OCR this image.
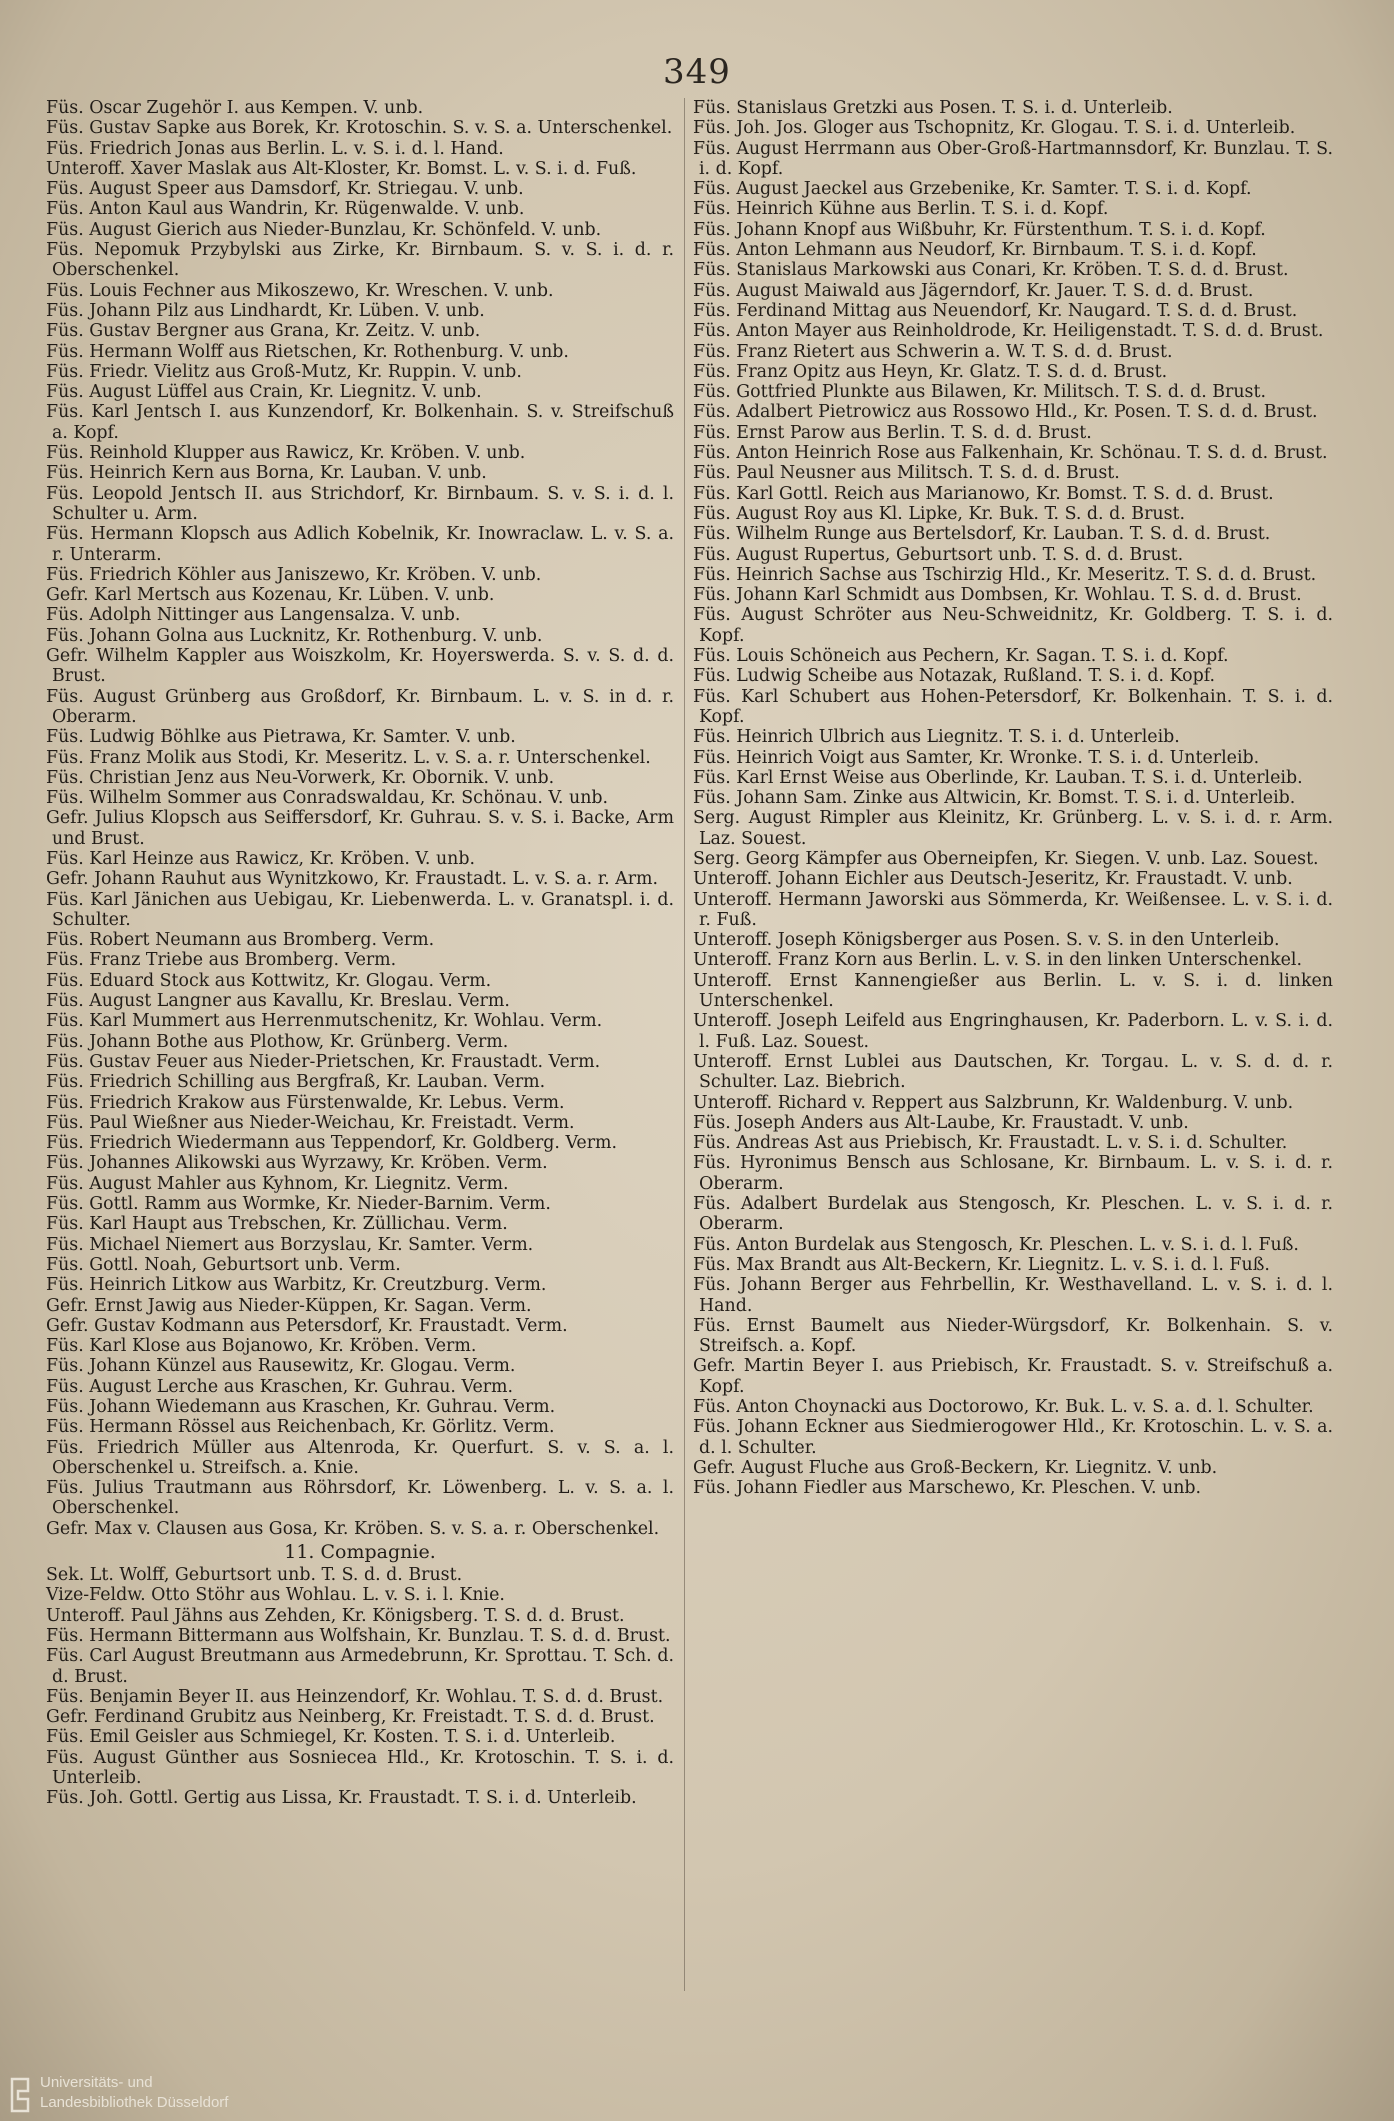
349
Füs. Oscar Zugehör I. aus Kempen. V. unb.
Füs. Gustav Sapke aus Borek, Kr. Krotoschin. S. v. S. a. Unterschenkel.
Füs. Friedrich Jonas aus Berlin. L. v. S. i. d. l. Hand.
Unteroff. Xaver Maslak aus Alt-Kloster, Kr. Bomst. L. v. S. i. d. Fuß.
Füs. August Speer aus Damsdorf, Kr. Striegau. V. unb.
Füs. Anton Kaul aus Wandrin, Kr. Rügenwalde. V. unb.
Füs. August Gierich aus Nieder-Bunzlau, Kr. Schönfeld. V. unb.
Füs. Nepomuk Przybylski aus Zirke, Kr. Birnbaum. S. v. S. i. d. r. Oberschenkel.
Füs. Louis Fechner aus Mikoszewo, Kr. Wreschen. V. unb.
Füs. Johann Pilz aus Lindhardt, Kr. Lüben. V. unb.
Füs. Gustav Bergner aus Grana, Kr. Zeitz. V. unb.
Füs. Hermann Wolff aus Rietschen, Kr. Rothenburg. V. unb.
Füs. Friedr. Vielitz aus Groß-Mutz, Kr. Ruppin. V. unb.
Füs. August Lüffel aus Crain, Kr. Liegnitz. V. unb.
Füs. Karl Jentsch I. aus Kunzendorf, Kr. Bolkenhain. S. v. Streifschuß a. Kopf.
Füs. Reinhold Klupper aus Rawicz, Kr. Kröben. V. unb.
Füs. Heinrich Kern aus Borna, Kr. Lauban. V. unb.
Füs. Leopold Jentsch II. aus Strichdorf, Kr. Birnbaum. S. v. S. i. d. l. Schulter u. Arm.
Füs. Hermann Klopsch aus Adlich Kobelnik, Kr. Inowraclaw. L. v. S. a. r. Unterarm.
Füs. Friedrich Köhler aus Janiszewo, Kr. Kröben. V. unb.
Gefr. Karl Mertsch aus Kozenau, Kr. Lüben. V. unb.
Füs. Adolph Nittinger aus Langensalza. V. unb.
Füs. Johann Golna aus Lucknitz, Kr. Rothenburg. V. unb.
Gefr. Wilhelm Kappler aus Woiszkolm, Kr. Hoyerswerda. S. v. S. d. d. Brust.
Füs. August Grünberg aus Großdorf, Kr. Birnbaum. L. v. S. in d. r. Oberarm.
Füs. Ludwig Böhlke aus Pietrawa, Kr. Samter. V. unb.
Füs. Franz Molik aus Stodi, Kr. Meseritz. L. v. S. a. r. Unterschenkel.
Füs. Christian Jenz aus Neu-Vorwerk, Kr. Obornik. V. unb.
Füs. Wilhelm Sommer aus Conradswaldau, Kr. Schönau. V. unb.
Gefr. Julius Klopsch aus Seiffersdorf, Kr. Guhrau. S. v. S. i. Backe, Arm und Brust.
Füs. Karl Heinze aus Rawicz, Kr. Kröben. V. unb.
Gefr. Johann Rauhut aus Wynitzkowo, Kr. Fraustadt. L. v. S. a. r. Arm.
Füs. Karl Jänichen aus Uebigau, Kr. Liebenwerda. L. v. Granatspl. i. d. Schulter.
Füs. Robert Neumann aus Bromberg. Verm.
Füs. Franz Triebe aus Bromberg. Verm.
Füs. Eduard Stock aus Kottwitz, Kr. Glogau. Verm.
Füs. August Langner aus Kavallu, Kr. Breslau. Verm.
Füs. Karl Mummert aus Herrenmutschenitz, Kr. Wohlau. Verm.
Füs. Johann Bothe aus Plothow, Kr. Grünberg. Verm.
Füs. Gustav Feuer aus Nieder-Prietschen, Kr. Fraustadt. Verm.
Füs. Friedrich Schilling aus Bergfraß, Kr. Lauban. Verm.
Füs. Friedrich Krakow aus Fürstenwalde, Kr. Lebus. Verm.
Füs. Paul Wießner aus Nieder-Weichau, Kr. Freistadt. Verm.
Füs. Friedrich Wiedermann aus Teppendorf, Kr. Goldberg. Verm.
Füs. Johannes Alikowski aus Wyrzawy, Kr. Kröben. Verm.
Füs. August Mahler aus Kyhnom, Kr. Liegnitz. Verm.
Füs. Gottl. Ramm aus Wormke, Kr. Nieder-Barnim. Verm.
Füs. Karl Haupt aus Trebschen, Kr. Züllichau. Verm.
Füs. Michael Niemert aus Borzyslau, Kr. Samter. Verm.
Füs. Gottl. Noah, Geburtsort unb. Verm.
Füs. Heinrich Litkow aus Warbitz, Kr. Creutzburg. Verm.
Gefr. Ernst Jawig aus Nieder-Küppen, Kr. Sagan. Verm.
Gefr. Gustav Kodmann aus Petersdorf, Kr. Fraustadt. Verm.
Füs. Karl Klose aus Bojanowo, Kr. Kröben. Verm.
Füs. Johann Künzel aus Rausewitz, Kr. Glogau. Verm.
Füs. August Lerche aus Kraschen, Kr. Guhrau. Verm.
Füs. Johann Wiedemann aus Kraschen, Kr. Guhrau. Verm.
Füs. Hermann Rössel aus Reichenbach, Kr. Görlitz. Verm.
Füs. Friedrich Müller aus Altenroda, Kr. Querfurt. S. v. S. a. l. Oberschenkel u. Streifsch. a. Knie.
Füs. Julius Trautmann aus Röhrsdorf, Kr. Löwenberg. L. v. S. a. l. Oberschenkel.
Gefr. Max v. Clausen aus Gosa, Kr. Kröben. S. v. S. a. r. Oberschenkel.
11. Compagnie.
Sek. Lt. Wolff, Geburtsort unb. T. S. d. d. Brust.
Vize-Feldw. Otto Stöhr aus Wohlau. L. v. S. i. l. Knie.
Unteroff. Paul Jähns aus Zehden, Kr. Königsberg. T. S. d. d. Brust.
Füs. Hermann Bittermann aus Wolfshain, Kr. Bunzlau. T. S. d. d. Brust.
Füs. Carl August Breutmann aus Armedebrunn, Kr. Sprottau. T. Sch. d. d. Brust.
Füs. Benjamin Beyer II. aus Heinzendorf, Kr. Wohlau. T. S. d. d. Brust.
Gefr. Ferdinand Grubitz aus Neinberg, Kr. Freistadt. T. S. d. d. Brust.
Füs. Emil Geisler aus Schmiegel, Kr. Kosten. T. S. i. d. Unterleib.
Füs. August Günther aus Sosniecea Hld., Kr. Krotoschin. T. S. i. d. Unterleib.
Füs. Joh. Gottl. Gertig aus Lissa, Kr. Fraustadt. T. S. i. d. Unterleib.
Füs. Stanislaus Gretzki aus Posen. T. S. i. d. Unterleib.
Füs. Joh. Jos. Gloger aus Tschopnitz, Kr. Glogau. T. S. i. d. Unterleib.
Füs. August Herrmann aus Ober-Groß-Hartmannsdorf, Kr. Bunzlau. T. S. i. d. Kopf.
Füs. August Jaeckel aus Grzebenike, Kr. Samter. T. S. i. d. Kopf.
Füs. Heinrich Kühne aus Berlin. T. S. i. d. Kopf.
Füs. Johann Knopf aus Wißbuhr, Kr. Fürstenthum. T. S. i. d. Kopf.
Füs. Anton Lehmann aus Neudorf, Kr. Birnbaum. T. S. i. d. Kopf.
Füs. Stanislaus Markowski aus Conari, Kr. Kröben. T. S. d. d. Brust.
Füs. August Maiwald aus Jägerndorf, Kr. Jauer. T. S. d. d. Brust.
Füs. Ferdinand Mittag aus Neuendorf, Kr. Naugard. T. S. d. d. Brust.
Füs. Anton Mayer aus Reinholdrode, Kr. Heiligenstadt. T. S. d. d. Brust.
Füs. Franz Rietert aus Schwerin a. W. T. S. d. d. Brust.
Füs. Franz Opitz aus Heyn, Kr. Glatz. T. S. d. d. Brust.
Füs. Gottfried Plunkte aus Bilawen, Kr. Militsch. T. S. d. d. Brust.
Füs. Adalbert Pietrowicz aus Rossowo Hld., Kr. Posen. T. S. d. d. Brust.
Füs. Ernst Parow aus Berlin. T. S. d. d. Brust.
Füs. Anton Heinrich Rose aus Falkenhain, Kr. Schönau. T. S. d. d. Brust.
Füs. Paul Neusner aus Militsch. T. S. d. d. Brust.
Füs. Karl Gottl. Reich aus Marianowo, Kr. Bomst. T. S. d. d. Brust.
Füs. August Roy aus Kl. Lipke, Kr. Buk. T. S. d. d. Brust.
Füs. Wilhelm Runge aus Bertelsdorf, Kr. Lauban. T. S. d. d. Brust.
Füs. August Rupertus, Geburtsort unb. T. S. d. d. Brust.
Füs. Heinrich Sachse aus Tschirzig Hld., Kr. Meseritz. T. S. d. d. Brust.
Füs. Johann Karl Schmidt aus Dombsen, Kr. Wohlau. T. S. d. d. Brust.
Füs. August Schröter aus Neu-Schweidnitz, Kr. Goldberg. T. S. i. d. Kopf.
Füs. Louis Schöneich aus Pechern, Kr. Sagan. T. S. i. d. Kopf.
Füs. Ludwig Scheibe aus Notazak, Rußland. T. S. i. d. Kopf.
Füs. Karl Schubert aus Hohen-Petersdorf, Kr. Bolkenhain. T. S. i. d. Kopf.
Füs. Heinrich Ulbrich aus Liegnitz. T. S. i. d. Unterleib.
Füs. Heinrich Voigt aus Samter, Kr. Wronke. T. S. i. d. Unterleib.
Füs. Karl Ernst Weise aus Oberlinde, Kr. Lauban. T. S. i. d. Unterleib.
Füs. Johann Sam. Zinke aus Altwicin, Kr. Bomst. T. S. i. d. Unterleib.
Serg. August Rimpler aus Kleinitz, Kr. Grünberg. L. v. S. i. d. r. Arm. Laz. Souest.
Serg. Georg Kämpfer aus Oberneipfen, Kr. Siegen. V. unb. Laz. Souest.
Unteroff. Johann Eichler aus Deutsch-Jeseritz, Kr. Fraustadt. V. unb.
Unteroff. Hermann Jaworski aus Sömmerda, Kr. Weißensee. L. v. S. i. d. r. Fuß.
Unteroff. Joseph Königsberger aus Posen. S. v. S. in den Unterleib.
Unteroff. Franz Korn aus Berlin. L. v. S. in den linken Unterschenkel.
Unteroff. Ernst Kannengießer aus Berlin. L. v. S. i. d. linken Unterschenkel.
Unteroff. Joseph Leifeld aus Engringhausen, Kr. Paderborn. L. v. S. i. d. l. Fuß. Laz. Souest.
Unteroff. Ernst Lublei aus Dautschen, Kr. Torgau. L. v. S. d. d. r. Schulter. Laz. Biebrich.
Unteroff. Richard v. Reppert aus Salzbrunn, Kr. Waldenburg. V. unb.
Füs. Joseph Anders aus Alt-Laube, Kr. Fraustadt. V. unb.
Füs. Andreas Ast aus Priebisch, Kr. Fraustadt. L. v. S. i. d. Schulter.
Füs. Hyronimus Bensch aus Schlosane, Kr. Birnbaum. L. v. S. i. d. r. Oberarm.
Füs. Adalbert Burdelak aus Stengosch, Kr. Pleschen. L. v. S. i. d. r. Oberarm.
Füs. Anton Burdelak aus Stengosch, Kr. Pleschen. L. v. S. i. d. l. Fuß.
Füs. Max Brandt aus Alt-Beckern, Kr. Liegnitz. L. v. S. i. d. l. Fuß.
Füs. Johann Berger aus Fehrbellin, Kr. Westhavelland. L. v. S. i. d. l. Hand.
Füs. Ernst Baumelt aus Nieder-Würgsdorf, Kr. Bolkenhain. S. v. Streifsch. a. Kopf.
Gefr. Martin Beyer I. aus Priebisch, Kr. Fraustadt. S. v. Streifschuß a. Kopf.
Füs. Anton Choynacki aus Doctorowo, Kr. Buk. L. v. S. a. d. l. Schulter.
Füs. Johann Eckner aus Siedmierogower Hld., Kr. Krotoschin. L. v. S. a. d. l. Schulter.
Gefr. August Fluche aus Groß-Beckern, Kr. Liegnitz. V. unb.
Füs. Johann Fiedler aus Marschewo, Kr. Pleschen. V. unb.
Universitäts- und
Landesbibliothek Düsseldorf
